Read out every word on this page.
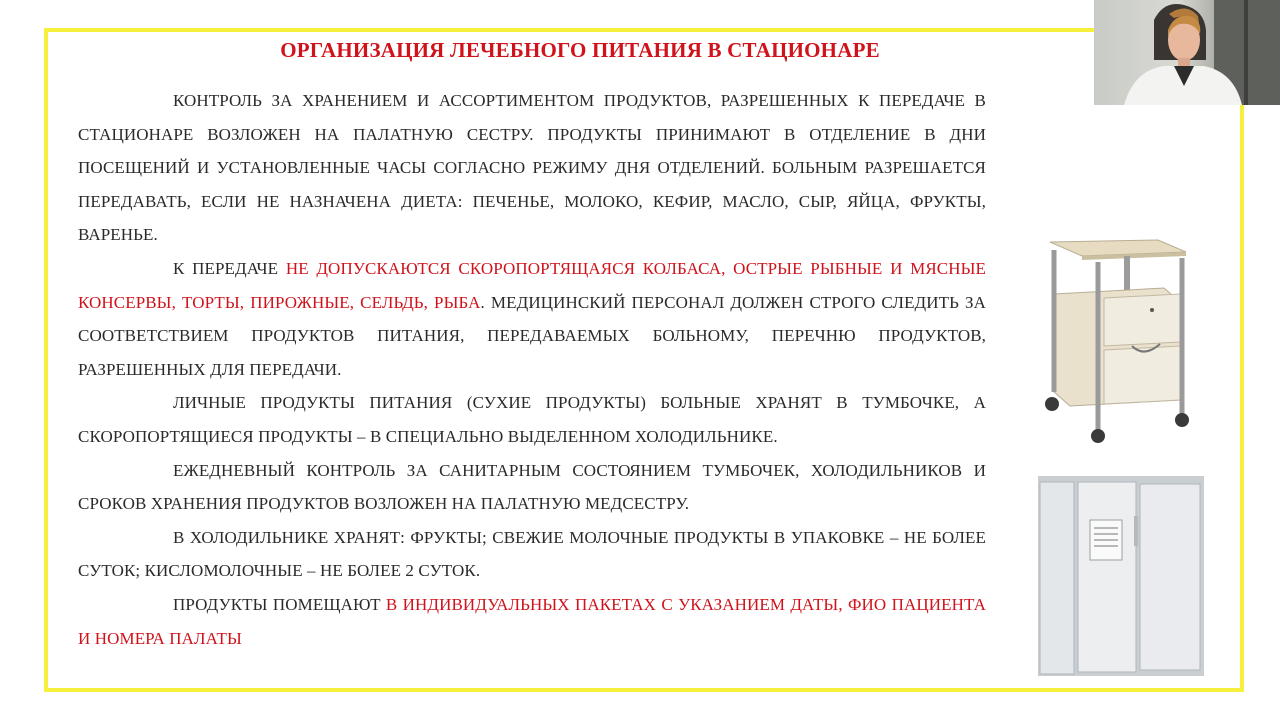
ОРГАНИЗАЦИЯ ЛЕЧЕБНОГО ПИТАНИЯ В СТАЦИОНАРЕ

КОНТРОЛЬ ЗА ХРАНЕНИЕМ И АССОРТИМЕНТОМ ПРОДУКТОВ, РАЗРЕШЕННЫХ К ПЕРЕДАЧЕ В СТАЦИОНАРЕ ВОЗЛОЖЕН НА ПАЛАТНУЮ СЕСТРУ. ПРОДУКТЫ ПРИНИМАЮТ В ОТДЕЛЕНИЕ В ДНИ ПОСЕЩЕНИЙ И УСТАНОВЛЕННЫЕ ЧАСЫ СОГЛАСНО РЕЖИМУ ДНЯ ОТДЕЛЕНИЙ. БОЛЬНЫМ РАЗРЕШАЕТСЯ ПЕРЕДАВАТЬ, ЕСЛИ НЕ НАЗНАЧЕНА ДИЕТА: ПЕЧЕНЬЕ, МОЛОКО, КЕФИР, МАСЛО, СЫР, ЯЙЦА, ФРУКТЫ, ВАРЕНЬЕ.

К ПЕРЕДАЧЕ НЕ ДОПУСКАЮТСЯ СКОРОПОРТЯЩАЯСЯ КОЛБАСА, ОСТРЫЕ РЫБНЫЕ И МЯСНЫЕ КОНСЕРВЫ, ТОРТЫ, ПИРОЖНЫЕ, СЕЛЬДЬ, РЫБА. МЕДИЦИНСКИЙ ПЕРСОНАЛ ДОЛЖЕН СТРОГО СЛЕДИТЬ ЗА СООТВЕТСТВИЕМ ПРОДУКТОВ ПИТАНИЯ, ПЕРЕДАВАЕМЫХ БОЛЬНОМУ, ПЕРЕЧНЮ ПРОДУКТОВ, РАЗРЕШЕННЫХ ДЛЯ ПЕРЕДАЧИ.

ЛИЧНЫЕ ПРОДУКТЫ ПИТАНИЯ (СУХИЕ ПРОДУКТЫ) БОЛЬНЫЕ ХРАНЯТ В ТУМБОЧКЕ, А СКОРОПОРТЯЩИЕСЯ ПРОДУКТЫ – В СПЕЦИАЛЬНО ВЫДЕЛЕННОМ ХОЛОДИЛЬНИКЕ.

ЕЖЕДНЕВНЫЙ КОНТРОЛЬ ЗА САНИТАРНЫМ СОСТОЯНИЕМ ТУМБОЧЕК, ХОЛОДИЛЬНИКОВ И СРОКОВ ХРАНЕНИЯ ПРОДУКТОВ ВОЗЛОЖЕН НА ПАЛАТНУЮ МЕДСЕСТРУ.

В ХОЛОДИЛЬНИКЕ ХРАНЯТ: ФРУКТЫ; СВЕЖИЕ МОЛОЧНЫЕ ПРОДУКТЫ В УПАКОВКЕ – НЕ БОЛЕЕ СУТОК; КИСЛОМОЛОЧНЫЕ – НЕ БОЛЕЕ 2 СУТОК.

ПРОДУКТЫ ПОМЕЩАЮТ В ИНДИВИДУАЛЬНЫХ ПАКЕТАХ С УКАЗАНИЕМ ДАТЫ, ФИО ПАЦИЕНТА И НОМЕРА ПАЛАТЫ
